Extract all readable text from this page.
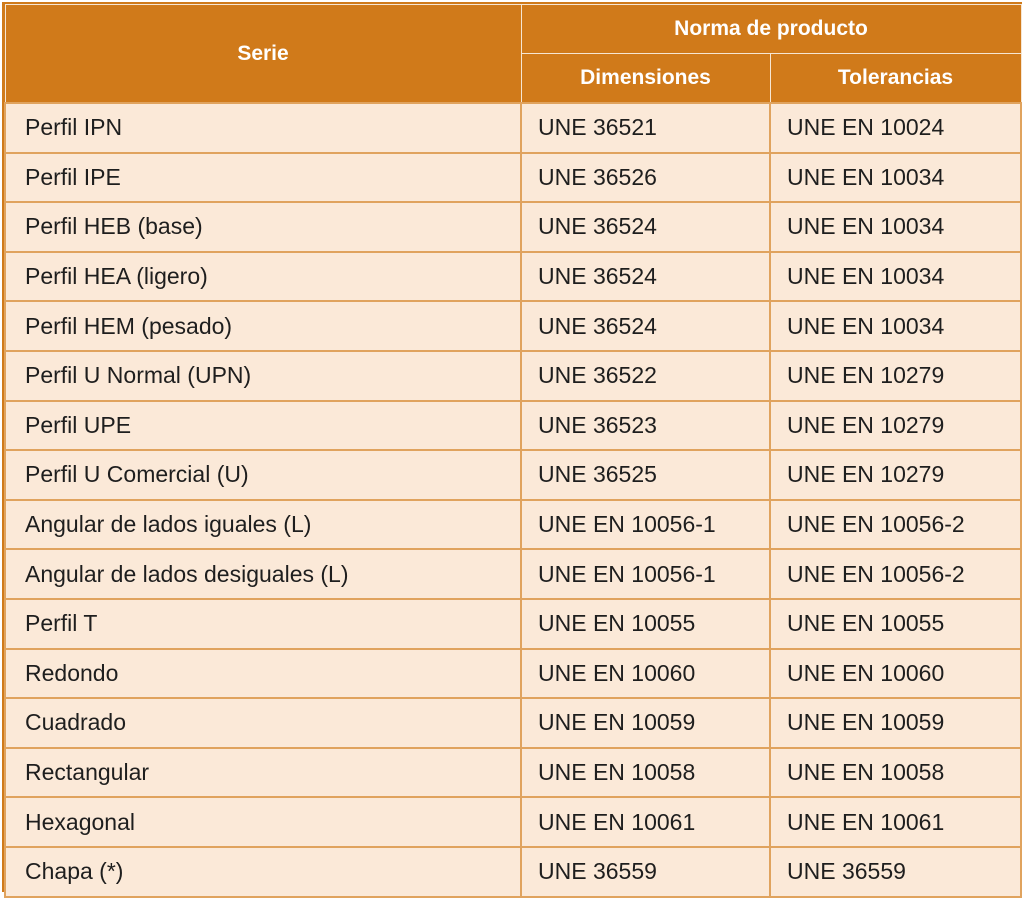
Serie	Norma de producto	
	Dimensiones	Tolerancias
Perfil IPN	UNE 36521	UNE EN 10024
Perfil IPE	UNE 36526	UNE EN 10034
Perfil HEB (base)	UNE 36524	UNE EN 10034
Perfil HEA (ligero)	UNE 36524	UNE EN 10034
Perfil HEM (pesado)	UNE 36524	UNE EN 10034
Perfil U Normal (UPN)	UNE 36522	UNE EN 10279
Perfil UPE	UNE 36523	UNE EN 10279
Perfil U Comercial (U)	UNE 36525	UNE EN 10279
Angular de lados iguales (L)	UNE EN 10056-1	UNE EN 10056-2
Angular de lados desiguales (L)	UNE EN 10056-1	UNE EN 10056-2
Perfil T	UNE EN 10055	UNE EN 10055
Redondo	UNE EN 10060	UNE EN 10060
Cuadrado	UNE EN 10059	UNE EN 10059
Rectangular	UNE EN 10058	UNE EN 10058
Hexagonal	UNE EN 10061	UNE EN 10061
Chapa (*)	UNE 36559	UNE 36559
